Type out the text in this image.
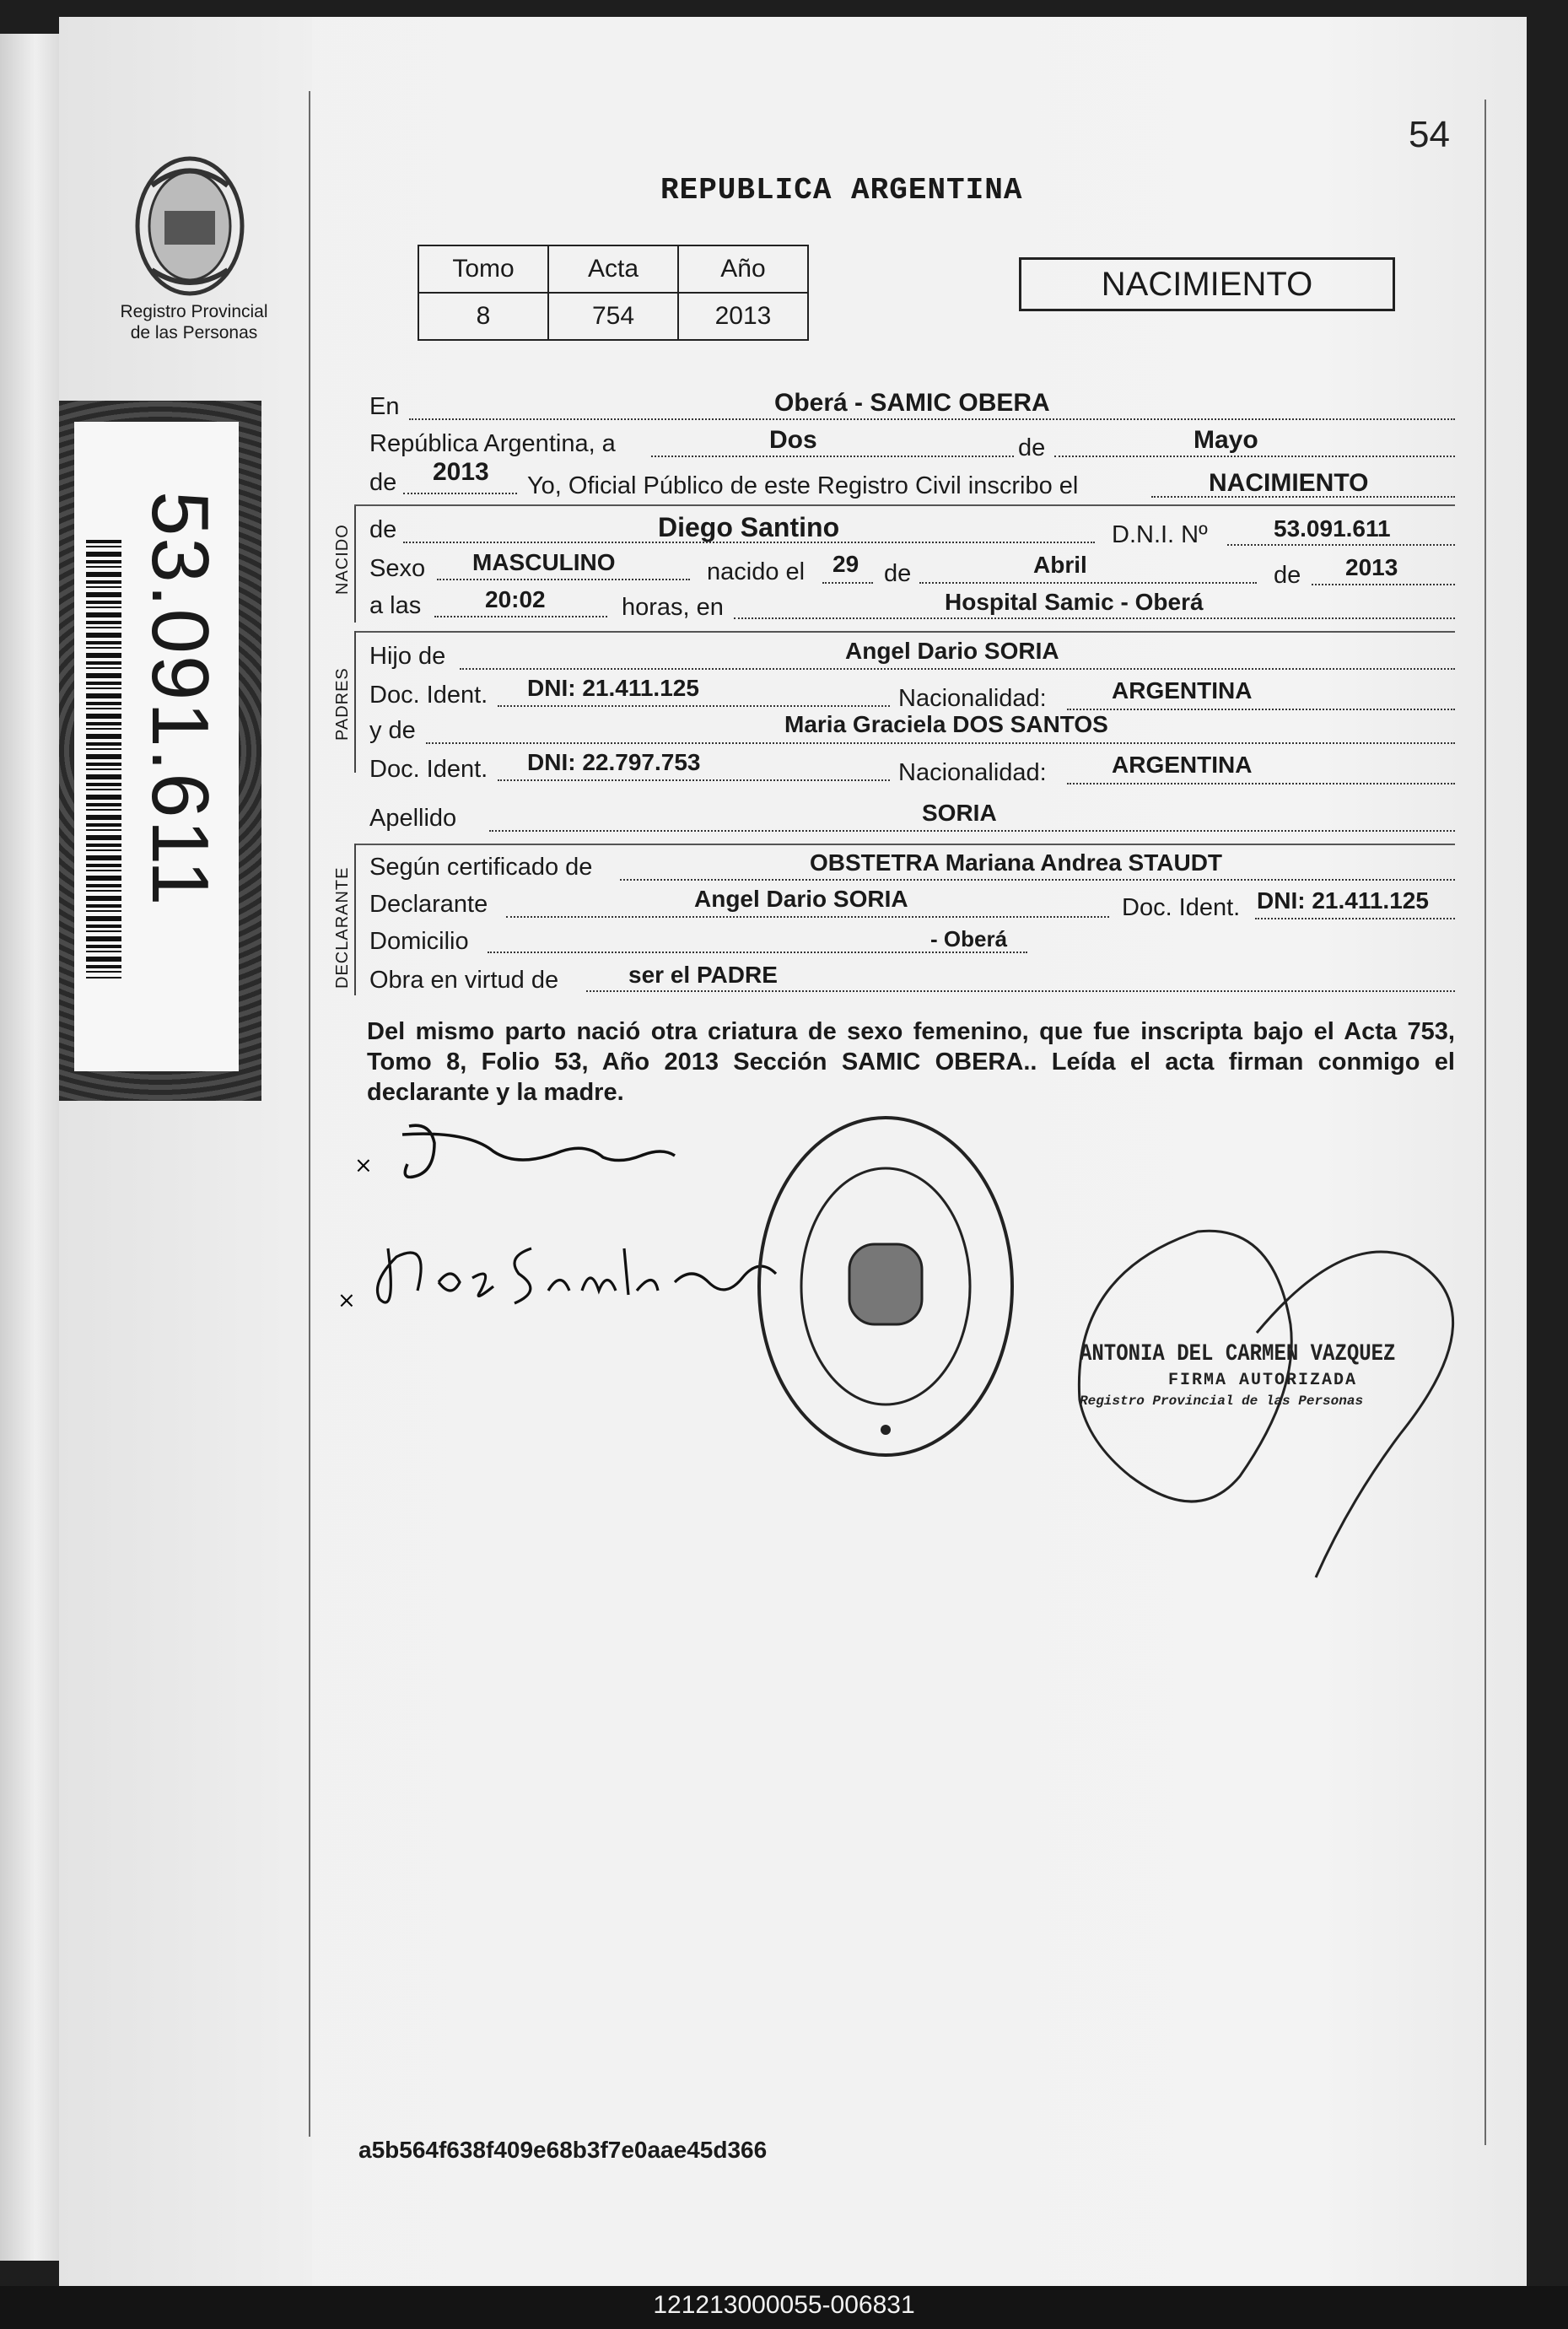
Registro Provincial
de las Personas
53.091.611
54
REPUBLICA ARGENTINA
Tomo	Acta	Año
8	754	2013
NACIMIENTO
En	Oberá - SAMIC OBERA
República Argentina, a	Dos	de	Mayo
de 2013 Yo, Oficial Público de este Registro Civil inscribo el	NACIMIENTO
NACIDO de	Diego Santino	D.N.I. Nº	53.091.611
Sexo MASCULINO	nacido el 29 de	Abril	de 2013
a las	20:02	horas, en	Hospital Samic - Oberá
PADRES
Hijo de	Angel Dario SORIA
Doc. Ident. DNI: 21.411.125	Nacionalidad:	ARGENTINA
y de	Maria Graciela DOS SANTOS
Doc. Ident. DNI: 22.797.753	Nacionalidad:	ARGENTINA
Apellido	SORIA
DECLARANTE Según certificado de	OBSTETRA Mariana Andrea STAUDT
Declarante	Angel Dario SORIA	Doc. Ident. DNI: 21.411.125
Domicilio	- Oberá
Obra en virtud de	ser el PADRE
Del mismo parto nació otra criatura de sexo femenino, que fue inscripta bajo el Acta 753, Tomo 8, Folio 53, Año 2013 Sección SAMIC OBERA.. Leída el acta firman conmigo el declarante y la madre.
×
×
ANTONIA DEL CARMEN VAZQUEZ
FIRMA AUTORIZADA
Registro Provincial de las Personas
a5b564f638f409e68b3f7e0aae45d366
121213000055-006831
